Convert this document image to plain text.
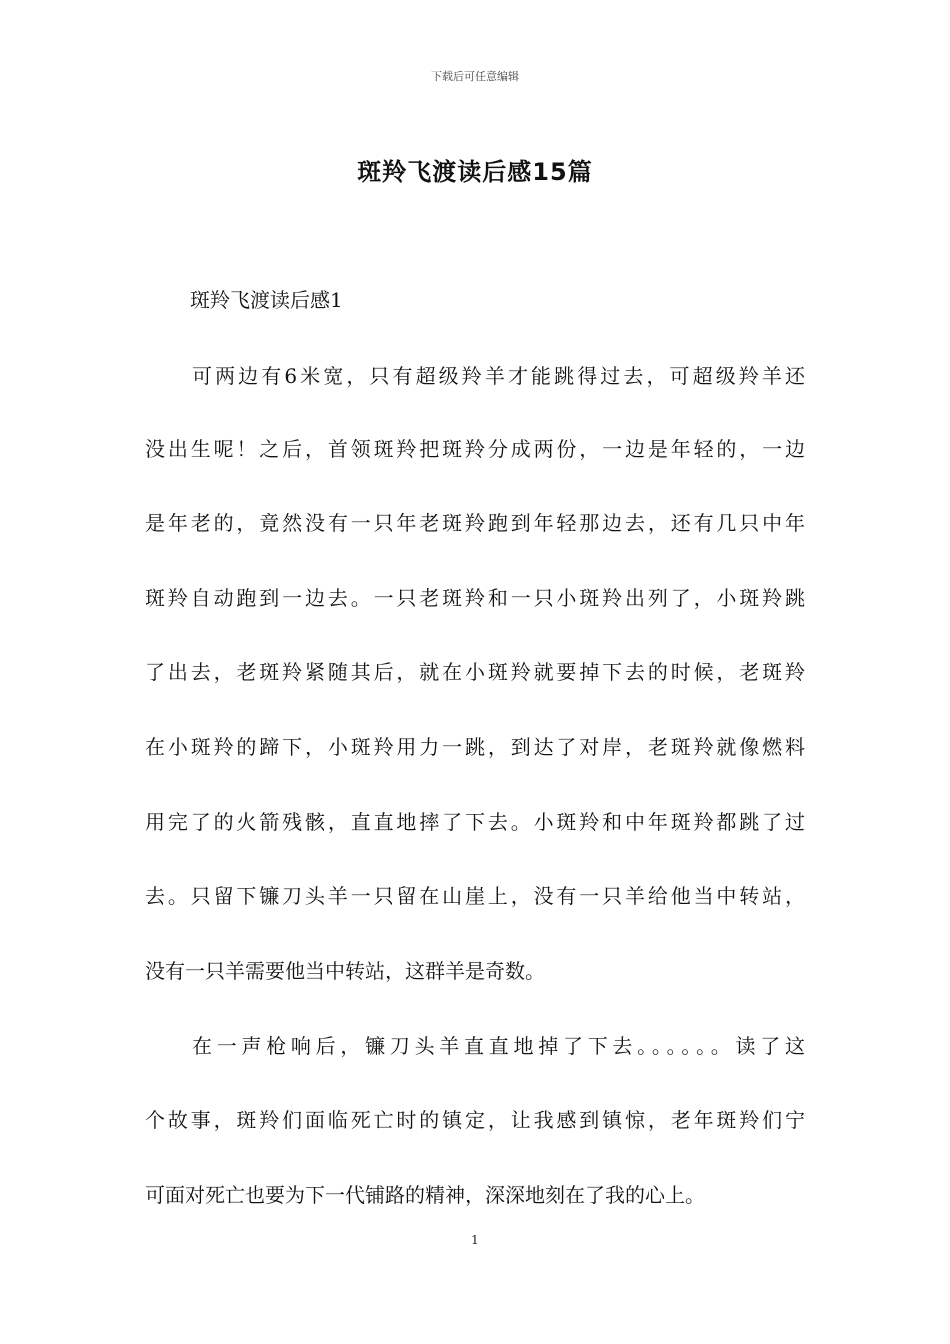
下载后可任意编辑
斑羚飞渡读后感15篇
斑羚飞渡读后感1
可两边有6米宽，只有超级羚羊才能跳得过去，可超级羚羊还
没出生呢！之后，首领斑羚把斑羚分成两份，一边是年轻的，一边
是年老的，竟然没有一只年老斑羚跑到年轻那边去，还有几只中年
斑羚自动跑到一边去。一只老斑羚和一只小斑羚出列了，小斑羚跳
了出去，老斑羚紧随其后，就在小斑羚就要掉下去的时候，老斑羚
在小斑羚的蹄下，小斑羚用力一跳，到达了对岸，老斑羚就像燃料
用完了的火箭残骸，直直地摔了下去。小斑羚和中年斑羚都跳了过
去。只留下镰刀头羊一只留在山崖上，没有一只羊给他当中转站，
没有一只羊需要他当中转站，这群羊是奇数。
在一声枪响后，镰刀头羊直直地掉了下去。。。。。。读了这
个故事，斑羚们面临死亡时的镇定，让我感到镇惊，老年斑羚们宁
可面对死亡也要为下一代铺路的精神，深深地刻在了我的心上。
1
